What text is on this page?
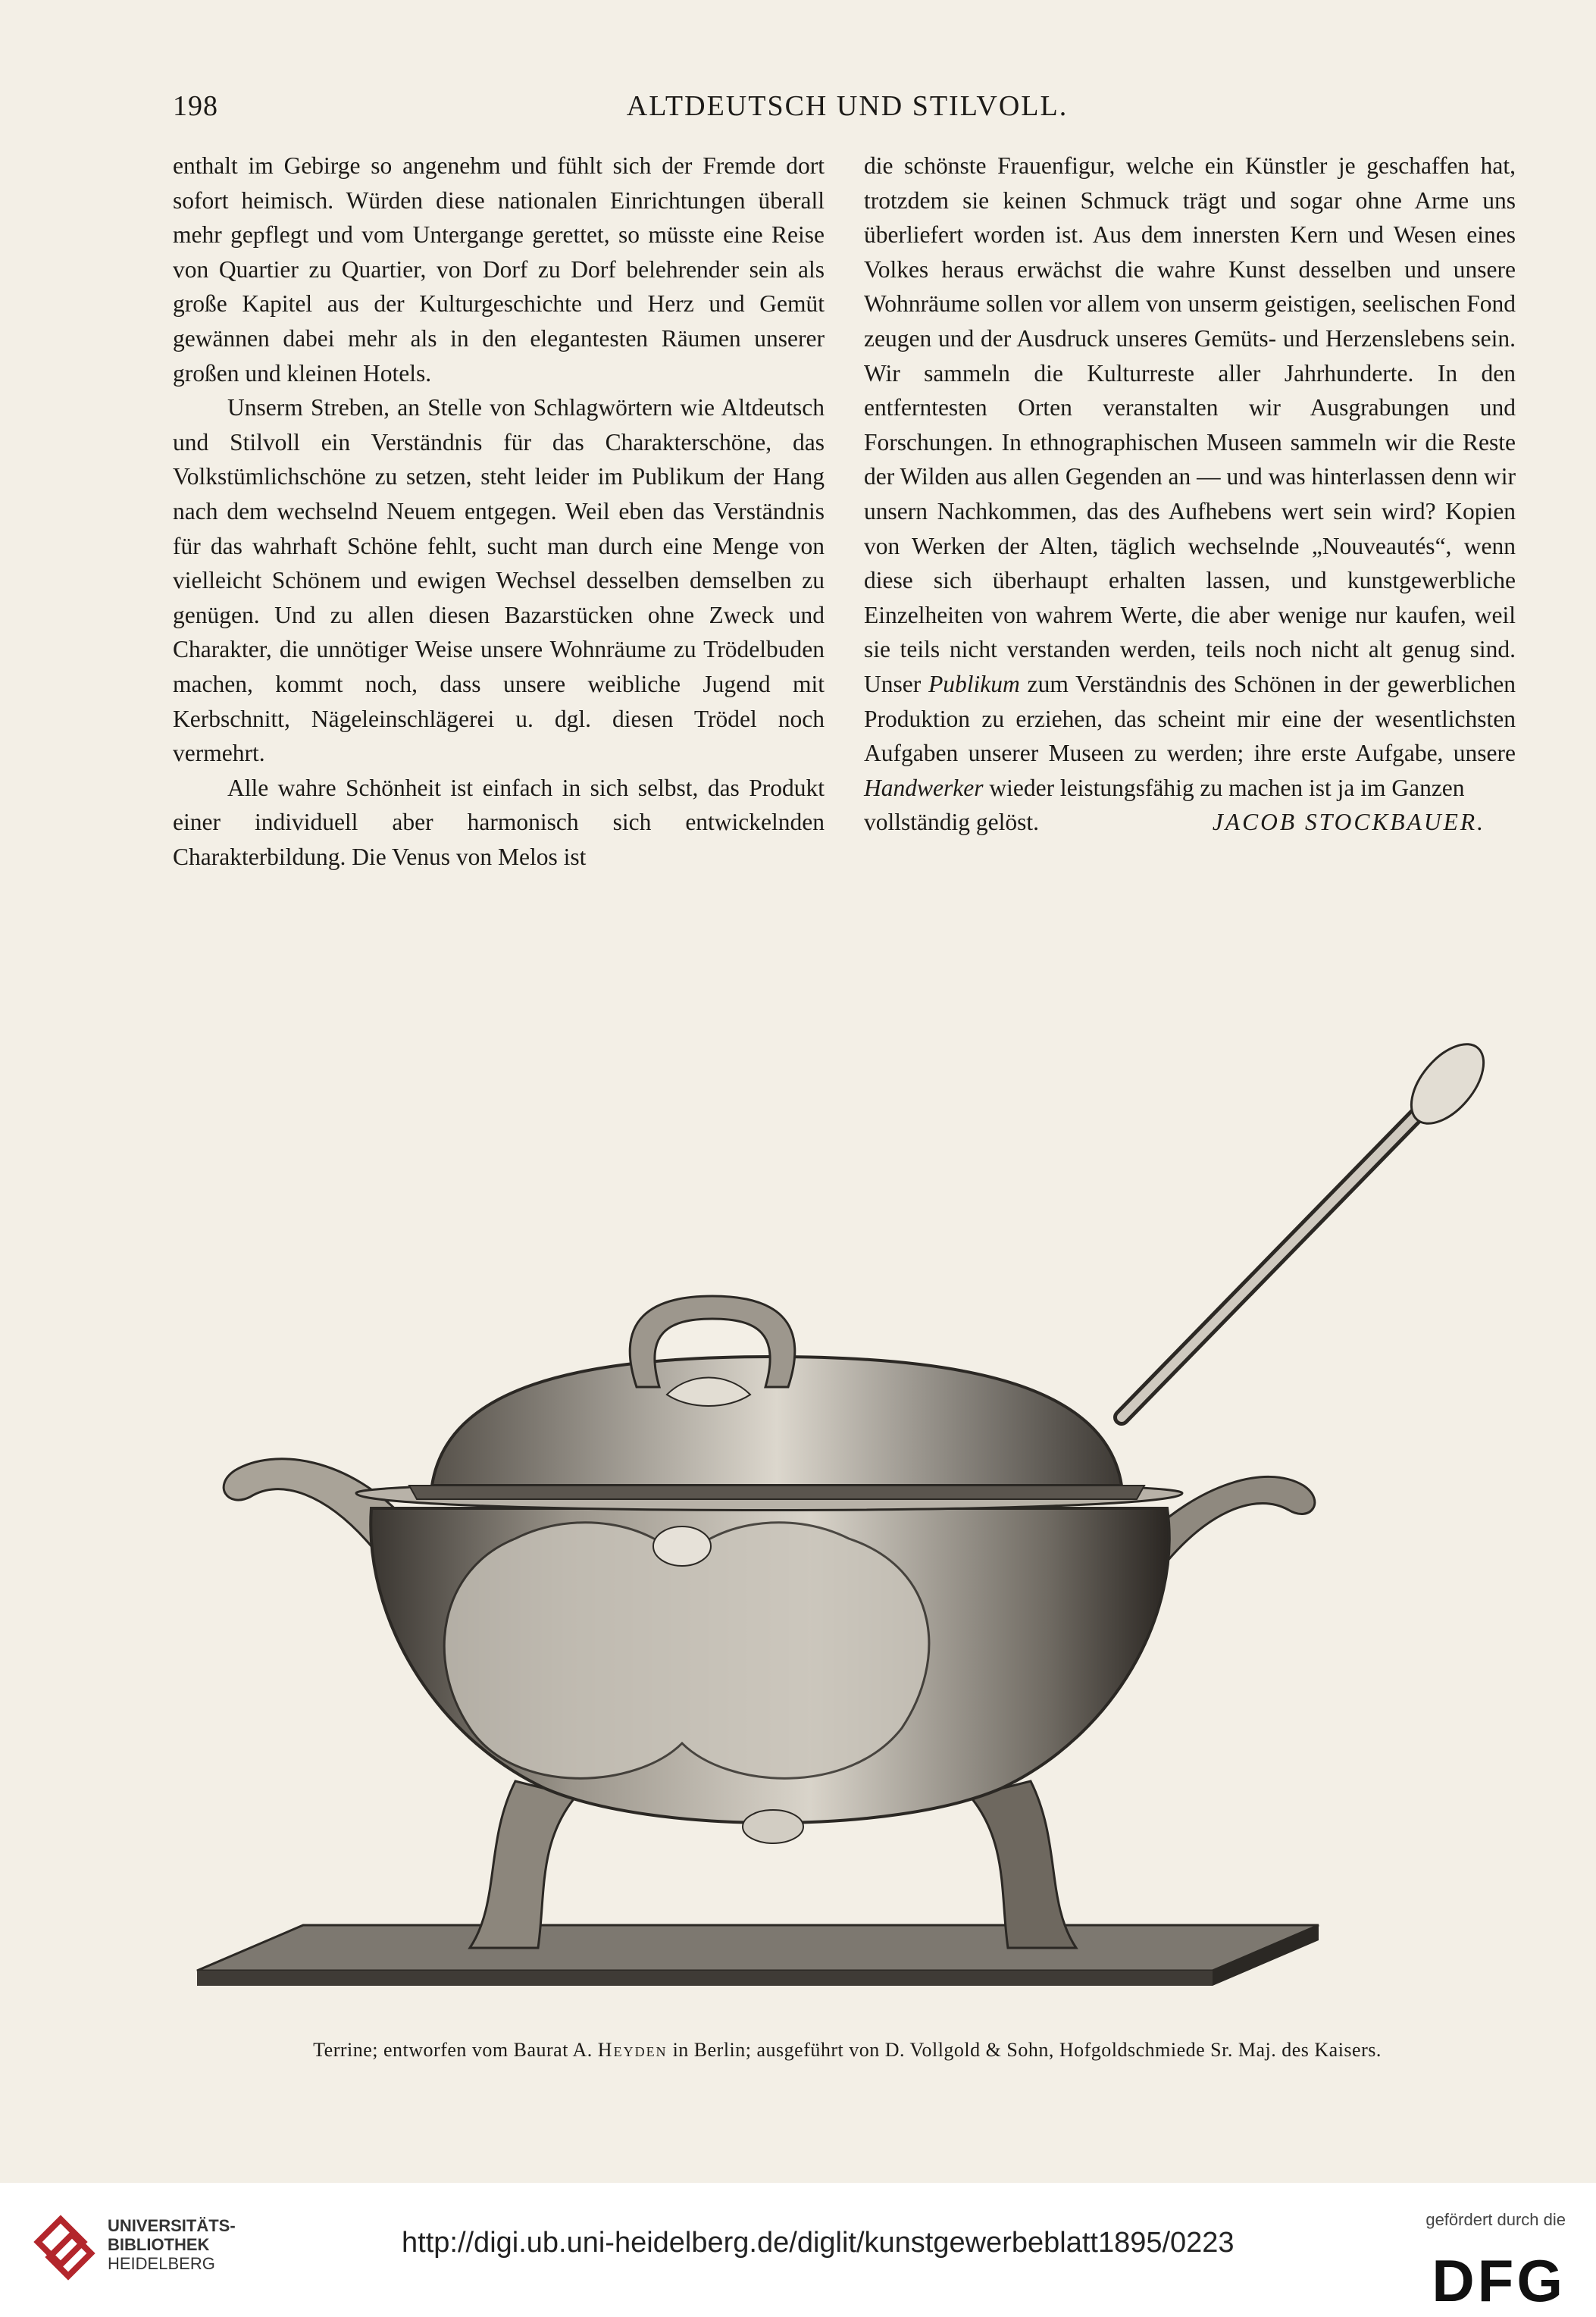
198	ALTDEUTSCH UND STILVOLL.

enthalt im Gebirge so angenehm und fühlt sich der Fremde dort sofort heimisch. Würden diese nationalen Einrichtungen überall mehr gepflegt und vom Untergange gerettet, so müsste eine Reise von Quartier zu Quartier, von Dorf zu Dorf belehrender sein als große Kapitel aus der Kulturgeschichte und Herz und Gemüt gewännen dabei mehr als in den elegantesten Räumen unserer großen und kleinen Hotels.

Unserm Streben, an Stelle von Schlagwörtern wie Altdeutsch und Stilvoll ein Verständnis für das Charakterschöne, das Volkstümlichschöne zu setzen, steht leider im Publikum der Hang nach dem wechselnd Neuem entgegen. Weil eben das Verständnis für das wahrhaft Schöne fehlt, sucht man durch eine Menge von vielleicht Schönem und ewigen Wechsel desselben demselben zu genügen. Und zu allen diesen Bazarstücken ohne Zweck und Charakter, die unnötiger Weise unsere Wohnräume zu Trödelbuden machen, kommt noch, dass unsere weibliche Jugend mit Kerbschnitt, Nägeleinschlägerei u. dgl. diesen Trödel noch vermehrt.

Alle wahre Schönheit ist einfach in sich selbst, das Produkt einer individuell aber harmonisch sich entwickelnden Charakterbildung. Die Venus von Melos ist

die schönste Frauenfigur, welche ein Künstler je geschaffen hat, trotzdem sie keinen Schmuck trägt und sogar ohne Arme uns überliefert worden ist. Aus dem innersten Kern und Wesen eines Volkes heraus erwächst die wahre Kunst desselben und unsere Wohnräume sollen vor allem von unserm geistigen, seelischen Fond zeugen und der Ausdruck unseres Gemüts- und Herzenslebens sein. Wir sammeln die Kulturreste aller Jahrhunderte. In den entferntesten Orten veranstalten wir Ausgrabungen und Forschungen. In ethnographischen Museen sammeln wir die Reste der Wilden aus allen Gegenden an — und was hinterlassen denn wir unsern Nachkommen, das des Aufhebens wert sein wird? Kopien von Werken der Alten, täglich wechselnde „Nouveautés“, wenn diese sich überhaupt erhalten lassen, und kunstgewerbliche Einzelheiten von wahrem Werte, die aber wenige nur kaufen, weil sie teils nicht verstanden werden, teils noch nicht alt genug sind. Unser Publikum zum Verständnis des Schönen in der gewerblichen Produktion zu erziehen, das scheint mir eine der wesentlichsten Aufgaben unserer Museen zu werden; ihre erste Aufgabe, unsere Handwerker wieder leistungsfähig zu machen ist ja im Ganzen

vollständig gelöst.	JACOB STOCKBAUER.
Terrine; entworfen vom Baurat A. Heyden in Berlin; ausgeführt von D. Vollgold & Sohn, Hofgoldschmiede Sr. Maj. des Kaisers.
UNIVERSITÄTS-
BIBLIOTHEK
HEIDELBERG
http://digi.ub.uni-heidelberg.de/diglit/kunstgewerbeblatt1895/0223
gefördert durch die
DFG
